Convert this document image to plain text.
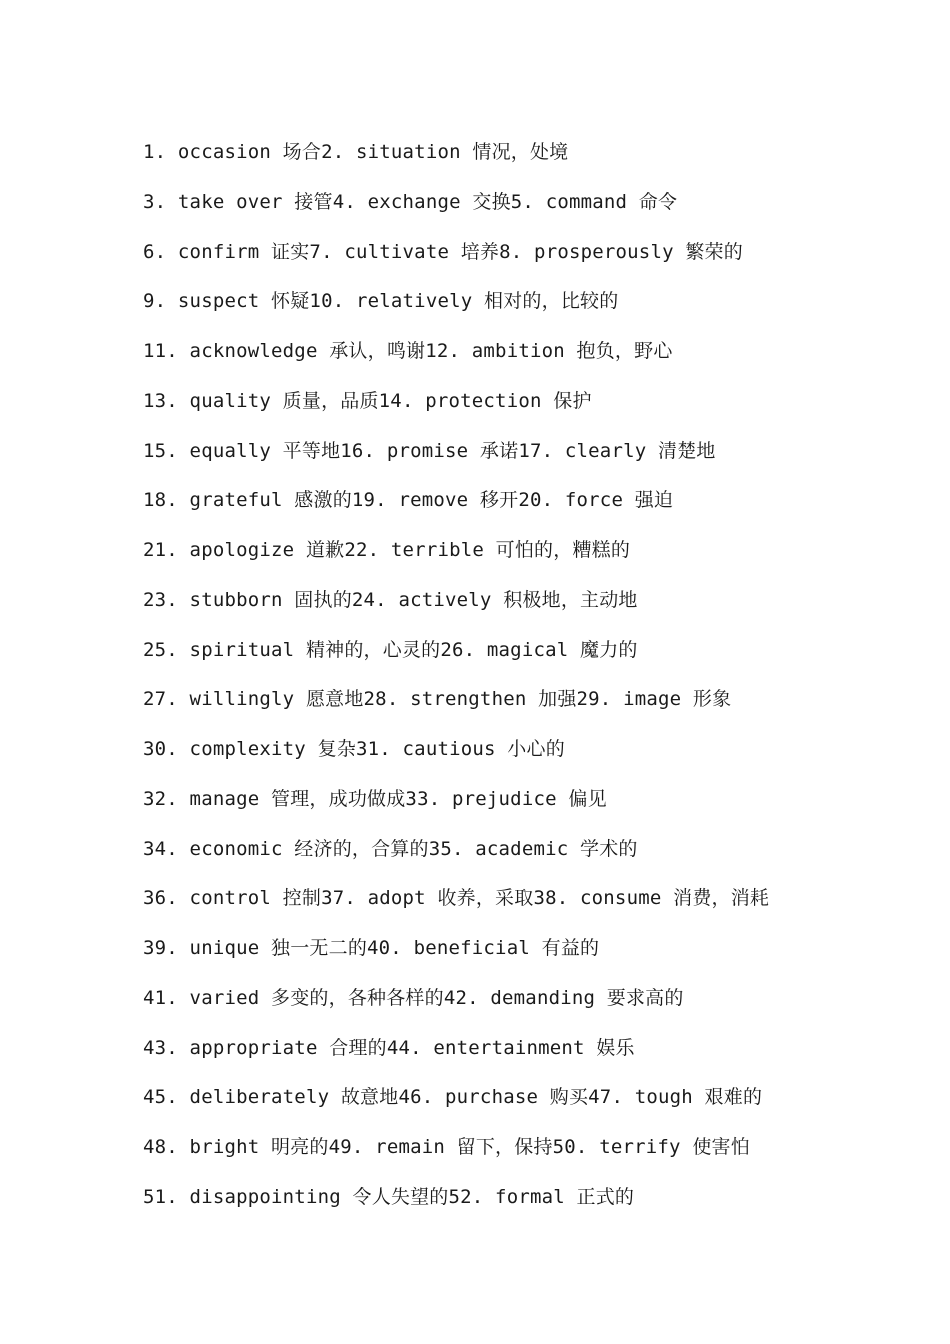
1. occasion 场合2. situation 情况，处境
3. take over 接管4. exchange 交换5. command 命令
6. confirm 证实7. cultivate 培养8. prosperously 繁荣的
9. suspect 怀疑10. relatively 相对的，比较的
11. acknowledge 承认，鸣谢12. ambition 抱负，野心
13. quality 质量，品质14. protection 保护
15. equally 平等地16. promise 承诺17. clearly 清楚地
18. grateful 感激的19. remove 移开20. force 强迫
21. apologize 道歉22. terrible 可怕的，糟糕的
23. stubborn 固执的24. actively 积极地，主动地
25. spiritual 精神的，心灵的26. magical 魔力的
27. willingly 愿意地28. strengthen 加强29. image 形象
30. complexity 复杂31. cautious 小心的
32. manage 管理，成功做成33. prejudice 偏见
34. economic 经济的，合算的35. academic 学术的
36. control 控制37. adopt 收养，采取38. consume 消费，消耗
39. unique 独一无二的40. beneficial 有益的
41. varied 多变的，各种各样的42. demanding 要求高的
43. appropriate 合理的44. entertainment 娱乐
45. deliberately 故意地46. purchase 购买47. tough 艰难的
48. bright 明亮的49. remain 留下，保持50. terrify 使害怕
51. disappointing 令人失望的52. formal 正式的
